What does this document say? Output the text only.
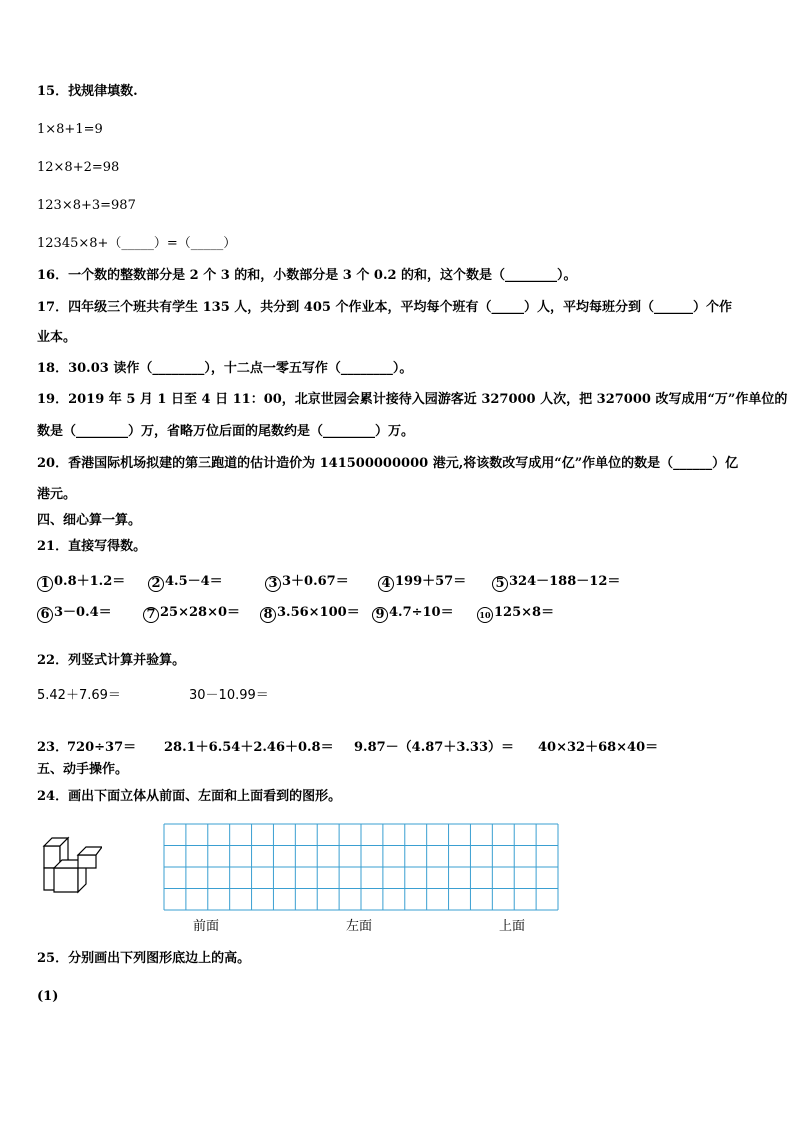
15．找规律填数.
1×8+1=9
12×8+2=98
123×8+3=987
12345×8+（_____）=（_____）
16．一个数的整数部分是 2 个 3 的和，小数部分是 3 个 0.2 的和，这个数是（________）。
17．四年级三个班共有学生 135 人，共分到 405 个作业本，平均每个班有（_____）人，平均每班分到（______）个作
业本。
18．30.03 读作（________），十二点一零五写作（________）。
19．2019 年 5 月 1 日至 4 日 11：00，北京世园会累计接待入园游客近 327000 人次，把 327000 改写成用“万”作单位的
数是（________）万，省略万位后面的尾数约是（________）万。
20．香港国际机场拟建的第三跑道的估计造价为 141500000000 港元,将该数改写成用“亿”作单位的数是（______）亿
港元。
四、细心算一算。
21．直接写得数。
1 0.8＋1.2＝ 2 4.5－4＝	3 3＋0.67＝	4 199＋57＝ 5 324－188－12＝
6 3－0.4＝	7 25×28×0＝ 8 3.56×100＝ 9 4.7÷10＝	10 125×8＝
22．列竖式计算并验算。
5.42＋7.69＝	30－10.99＝
23．
720÷37＝ 28.1＋6.54＋2.46＋0.8＝ 9.87－（4.87＋3.33）＝ 40×32＋68×40＝
五、动手操作。
24．画出下面立体从前面、左面和上面看到的图形。
前面	左面	上面
25．分别画出下列图形底边上的高。
(1)
